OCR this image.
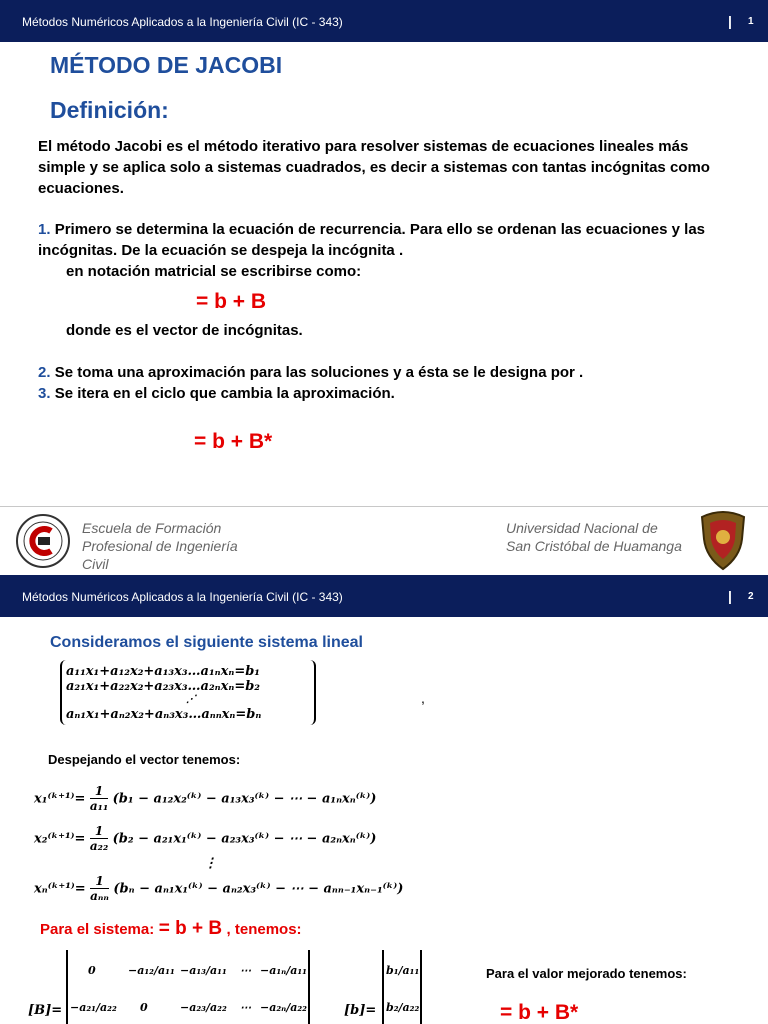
Métodos Numéricos Aplicados a la Ingeniería Civil (IC - 343)	| 1
MÉTODO DE JACOBI
Definición:
El método Jacobi es el método iterativo para resolver sistemas de ecuaciones lineales más simple y se aplica solo a sistemas cuadrados, es decir a sistemas con tantas incógnitas como ecuaciones.
1. Primero se determina la ecuación de recurrencia. Para ello se ordenan las ecuaciones y las incógnitas. De la ecuación se despeja la incógnita .
en notación matricial se escribirse como:
= b + B
donde es el vector de incógnitas.
2. Se toma una aproximación para las soluciones y a ésta se le designa por .
3. Se itera en el ciclo que cambia la aproximación.
= b + B*
Escuela de Formación
Profesional de Ingeniería
Civil
Universidad Nacional de
San Cristóbal de Huamanga
Métodos Numéricos Aplicados a la Ingeniería Civil (IC - 343)	| 2
Consideramos el siguiente sistema lineal
a₁₁x₁+a₁₂x₂+a₁₃x₃…a₁ₙxₙ=b₁
a₂₁x₁+a₂₂x₂+a₂₃x₃…a₂ₙxₙ=b₂
⋰
aₙ₁x₁+aₙ₂x₂+aₙ₃x₃…aₙₙxₙ=bₙ
,
Despejando el vector tenemos:
x₁⁽ᵏ⁺¹⁾= $\frac{1}{\text{a₁₁}} (b_1$ − a₁₂x₂⁽ᵏ⁾ − a₁₃x₃⁽ᵏ⁾ − ⋯ − a₁ₙxₙ⁽ᵏ⁾)
x₂⁽ᵏ⁺¹⁾= $\frac{1}{\text{a₂₂}} (b_2$ − a₂₁x₁⁽ᵏ⁾ − a₂₃x₃⁽ᵏ⁾ − ⋯ − a₂ₙxₙ⁽ᵏ⁾)
⋮
xₙ⁽ᵏ⁺¹⁾=
1
aₙₙ (bₙ − aₙ₁x₁⁽ᵏ⁾ − aₙ₂x₃⁽ᵏ⁾ − ⋯ − aₙₙ₋₁xₙ₋₁⁽ᵏ⁾)
Para el sistema: = b + B , tenemos:
[B]=
0	−a₁₂/a₁₁ −a₁₃/a₁₁ ⋯ −a₁ₙ/a₁₁
−a₂₁/a₂₂ 0	−a₂₃/a₂₂ ⋯ −a₂ₙ/a₂₂	[b]=
b₁/a₁₁
b₂/a₂₂
Para el valor mejorado tenemos:
= b + B*
